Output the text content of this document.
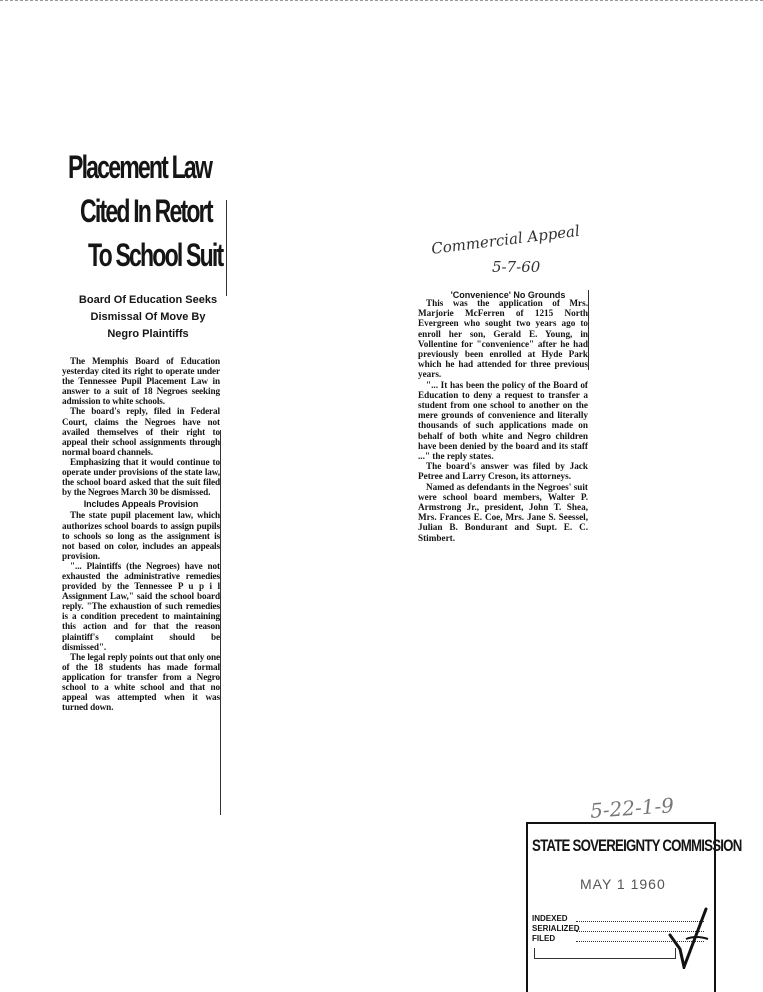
Placement Law
Cited In Retort
To School Suit
Board Of Education Seeks
Dismissal Of Move By
Negro Plaintiffs

The Memphis Board of Education yesterday cited its right to operate under the Tennessee Pupil Placement Law in answer to a suit of 18 Negroes seeking admission to white schools.

The board's reply, filed in Federal Court, claims the Negroes have not availed themselves of their right to appeal their school assignments through normal board channels.

Emphasizing that it would continue to operate under provisions of the state law, the school board asked that the suit filed by the Negroes March 30 be dismissed.

Includes Appeals Provision

The state pupil placement law, which authorizes school boards to assign pupils to schools so long as the assignment is not based on color, includes an appeals provision.

"... Plaintiffs (the Negroes) have not exhausted the administrative remedies provided by the Tennessee P u p i l Assignment Law," said the school board reply. "The exhaustion of such remedies is a condition precedent to maintaining this action and for that the reason plaintiff's complaint should be dismissed".

The legal reply points out that only one of the 18 students has made formal application for transfer from a Negro school to a white school and that no appeal was attempted when it was turned down.

Commercial Appeal
5-7-60
'Convenience' No Grounds

This was the application of Mrs. Marjorie McFerren of 1215 North Evergreen who sought two years ago to enroll her son, Gerald E. Young, in Vollentine for "convenience" after he had previously been enrolled at Hyde Park which he had attended for three previous years.

"... It has been the policy of the Board of Education to deny a request to transfer a student from one school to another on the mere grounds of convenience and literally thousands of such applications made on behalf of both white and Negro children have been denied by the board and its staff ..." the reply states.

The board's answer was filed by Jack Petree and Larry Creson, its attorneys.

Named as defendants in the Negroes' suit were school board members, Walter P. Armstrong Jr., president, John T. Shea, Mrs. Frances E. Coe, Mrs. Jane S. Seessel, Julian B. Bondurant and Supt. E. C. Stimbert.

5-22-1-9
STATE SOVEREIGNTY COMMISSION
MAY 1 1960
INDEXED
SERIALIZED
FILED
